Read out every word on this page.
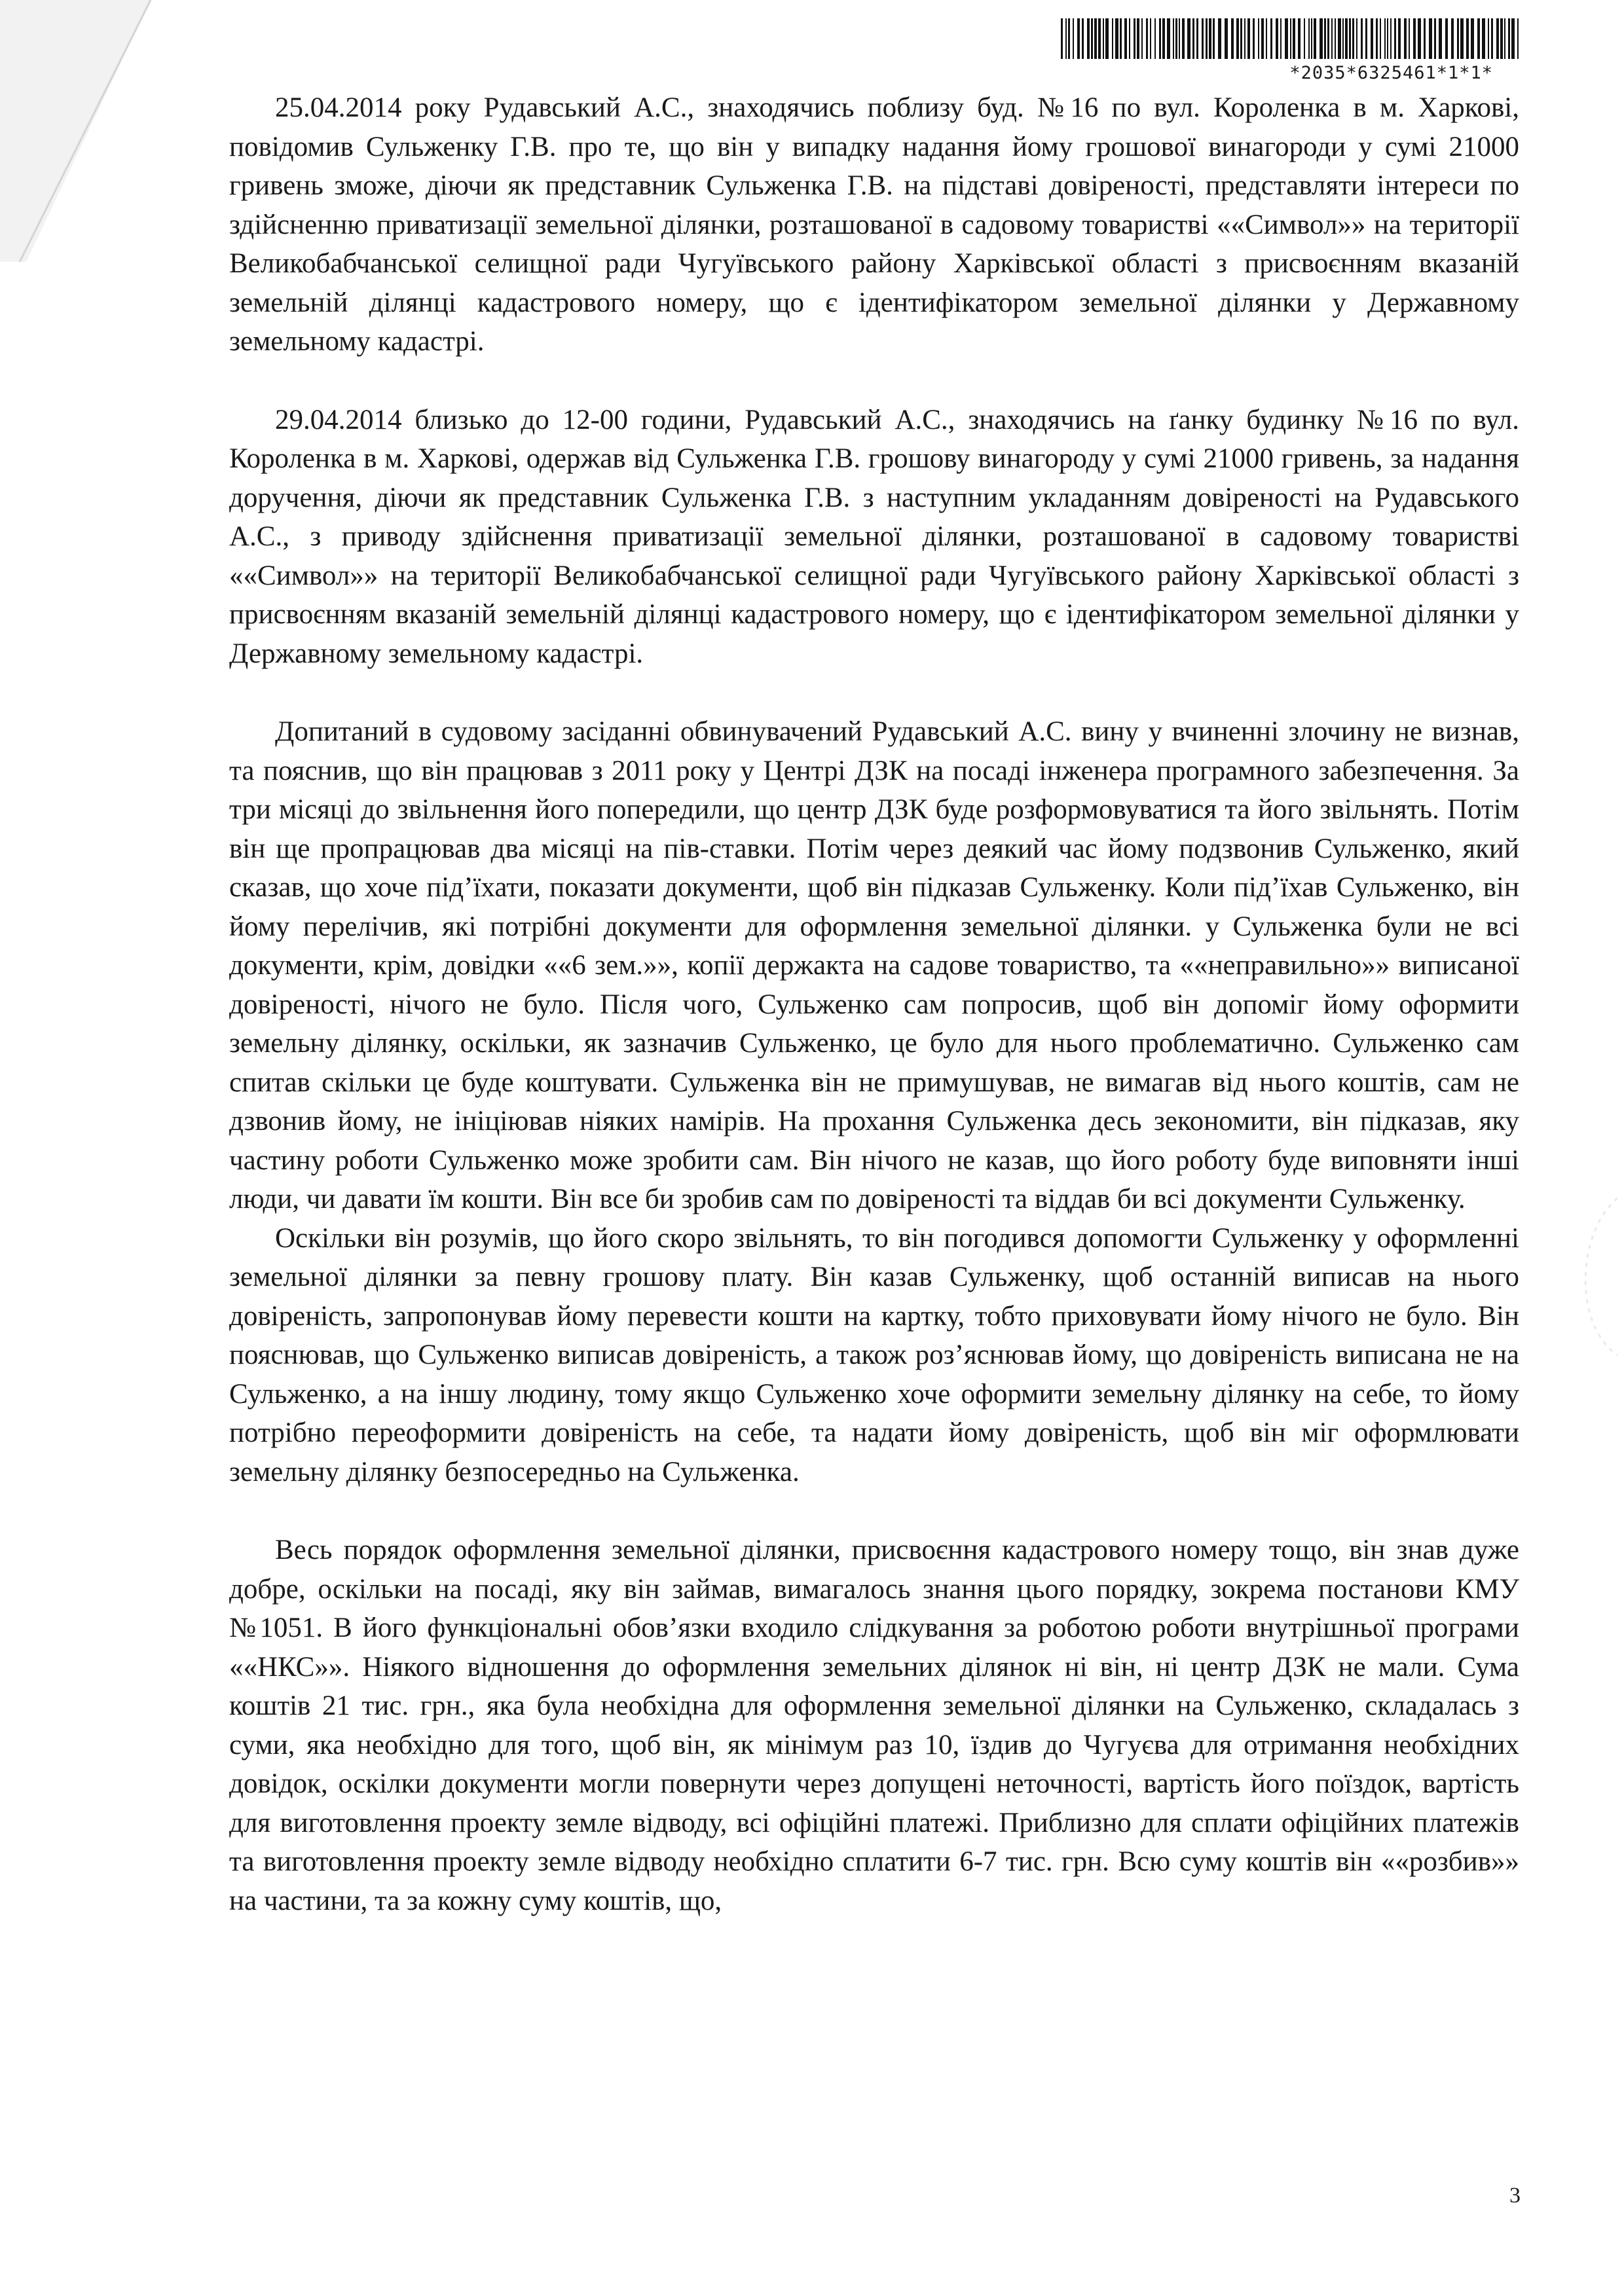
*2035*6325461*1*1*

25.04.2014 року Рудавський А.С., знаходячись поблизу буд. №16 по вул. Короленка в м. Харкові, повідомив Сульженку Г.В. про те, що він у випадку надання йому грошової винагороди у сумі 21000 гривень зможе, діючи як представник Сульженка Г.В. на підставі довіреності, представляти інтереси по здійсненню приватизації земельної ділянки, розташованої в садовому товаристві ««Символ»» на території Великобабчанської селищної ради Чугуївського району Харківської області з присвоєнням вказаній земельній ділянці кадастрового номеру, що є ідентифікатором земельної ділянки у Державному земельному кадастрі.

29.04.2014 близько до 12-00 години, Рудавський А.С., знаходячись на ґанку будинку №16 по вул. Короленка в м. Харкові, одержав від Сульженка Г.В. грошову винагороду у сумі 21000 гривень, за надання доручення, діючи як представник Сульженка Г.В. з наступним укладанням довіреності на Рудавського А.С., з приводу здійснення приватизації земельної ділянки, розташованої в садовому товаристві ««Символ»» на території Великобабчанської селищної ради Чугуївського району Харківської області з присвоєнням вказаній земельній ділянці кадастрового номеру, що є ідентифікатором земельної ділянки у Державному земельному кадастрі.

Допитаний в судовому засіданні обвинувачений Рудавський А.С. вину у вчиненні злочину не визнав, та пояснив, що він працював з 2011 року у Центрі ДЗК на посаді інженера програмного забезпечення. За три місяці до звільнення його попередили, що центр ДЗК буде розформовуватися та його звільнять. Потім він ще пропрацював два місяці на пів-ставки. Потім через деякий час йому подзвонив Сульженко, який сказав, що хоче під’їхати, показати документи, щоб він підказав Сульженку. Коли під’їхав Сульженко, він йому перелічив, які потрібні документи для оформлення земельної ділянки. у Сульженка були не всі документи, крім, довідки ««6 зем.»», копії держакта на садове товариство, та ««неправильно»» виписаної довіреності, нічого не було. Після чого, Сульженко сам попросив, щоб він допоміг йому оформити земельну ділянку, оскільки, як зазначив Сульженко, це було для нього проблематично. Сульженко сам спитав скільки це буде коштувати. Сульженка він не примушував, не вимагав від нього коштів, сам не дзвонив йому, не ініціював ніяких намірів. На прохання Сульженка десь зекономити, він підказав, яку частину роботи Сульженко може зробити сам. Він нічого не казав, що його роботу буде виповняти інші люди, чи давати їм кошти. Він все би зробив сам по довіреності та віддав би всі документи Сульженку.

Оскільки він розумів, що його скоро звільнять, то він погодився допомогти Сульженку у оформленні земельної ділянки за певну грошову плату. Він казав Сульженку, щоб останній виписав на нього довіреність, запропонував йому перевести кошти на картку, тобто приховувати йому нічого не було. Він пояснював, що Сульженко виписав довіреність, а також роз’яснював йому, що довіреність виписана не на Сульженко, а на іншу людину, тому якщо Сульженко хоче оформити земельну ділянку на себе, то йому потрібно переоформити довіреність на себе, та надати йому довіреність, щоб він міг оформлювати земельну ділянку безпосередньо на Сульженка.

Весь порядок оформлення земельної ділянки, присвоєння кадастрового номеру тощо, він знав дуже добре, оскільки на посаді, яку він займав, вимагалось знання цього порядку, зокрема постанови КМУ №1051. В його функціональні обов’язки входило слідкування за роботою роботи внутрішньої програми ««НКС»». Ніякого відношення до оформлення земельних ділянок ні він, ні центр ДЗК не мали. Сума коштів 21 тис. грн., яка була необхідна для оформлення земельної ділянки на Сульженко, складалась з суми, яка необхідно для того, щоб він, як мінімум раз 10, їздив до Чугуєва для отримання необхідних довідок, оскілки документи могли повернути через допущені неточності, вартість його поїздок, вартість для виготовлення проекту земле відводу, всі офіційні платежі. Приблизно для сплати офіційних платежів та виготовлення проекту земле відводу необхідно сплатити 6-7 тис. грн. Всю суму коштів він ««розбив»» на частини, та за кожну суму коштів, що,

3
